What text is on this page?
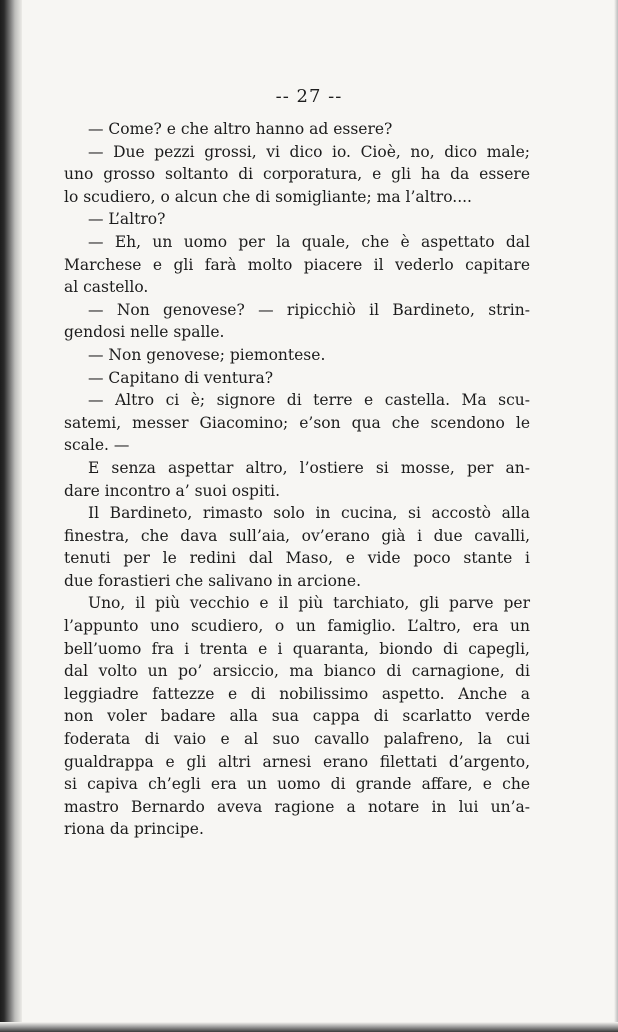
-- 27 --
— Come? e che altro hanno ad essere?
— Due pezzi grossi, vi dico io. Cioè, no, dico male;
uno grosso soltanto di corporatura, e gli ha da essere
lo scudiero, o alcun che di somigliante; ma l’altro....
— L’altro?
— Eh, un uomo per la quale, che è aspettato dal
Marchese e gli farà molto piacere il vederlo capitare
al castello.
— Non genovese? — ripicchiò il Bardineto, strin-
gendosi nelle spalle.
— Non genovese; piemontese.
— Capitano di ventura?
— Altro ci è; signore di terre e castella. Ma scu-
satemi, messer Giacomino; e’son qua che scendono le
scale. —
E senza aspettar altro, l’ostiere si mosse, per an-
dare incontro a’ suoi ospiti.
Il Bardineto, rimasto solo in cucina, si accostò alla
finestra, che dava sull’aia, ov’erano già i due cavalli,
tenuti per le redini dal Maso, e vide poco stante i
due forastieri che salivano in arcione.
Uno, il più vecchio e il più tarchiato, gli parve per
l’appunto uno scudiero, o un famiglio. L’altro, era un
bell’uomo fra i trenta e i quaranta, biondo di capegli,
dal volto un po’ arsiccio, ma bianco di carnagione, di
leggiadre fattezze e di nobilissimo aspetto. Anche a
non voler badare alla sua cappa di scarlatto verde
foderata di vaio e al suo cavallo palafreno, la cui
gualdrappa e gli altri arnesi erano filettati d’argento,
si capiva ch’egli era un uomo di grande affare, e che
mastro Bernardo aveva ragione a notare in lui un’a-
riona da principe.
